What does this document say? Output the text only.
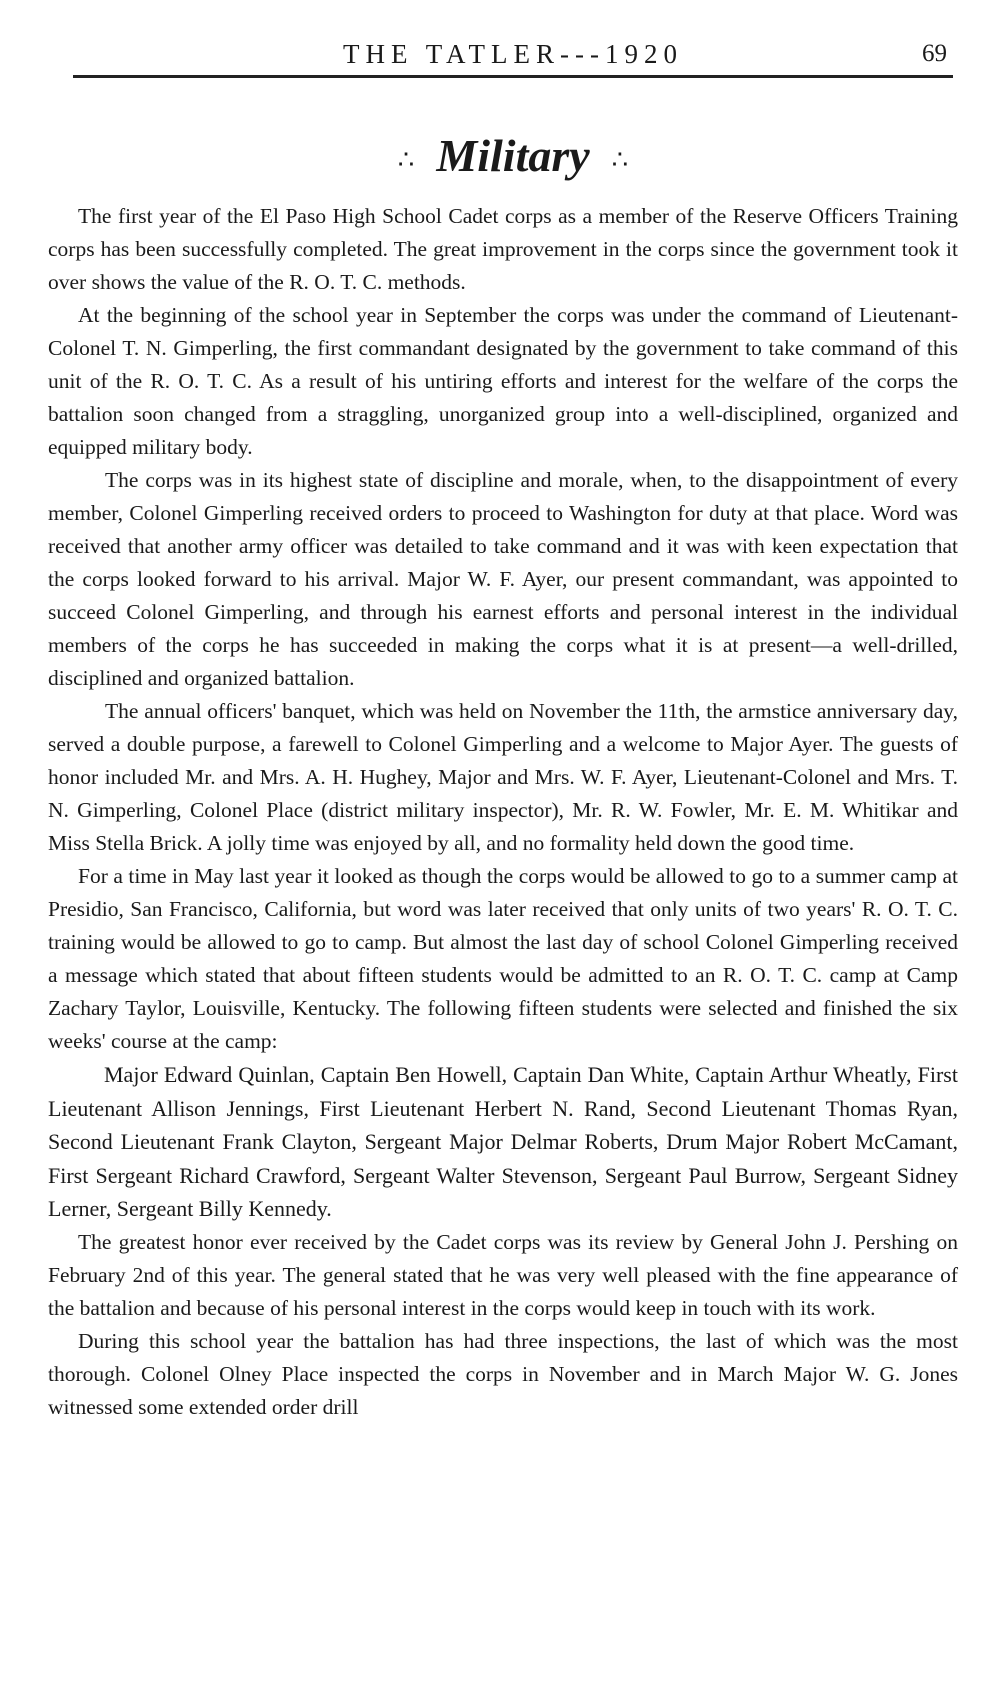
THE TATLER---1920	69
∴ Military ∴

The first year of the El Paso High School Cadet corps as a member of the Reserve Officers Training corps has been successfully completed. The great improvement in the corps since the government took it over shows the value of the R. O. T. C. methods.

At the beginning of the school year in September the corps was under the command of Lieutenant-Colonel T. N. Gimperling, the first commandant designated by the government to take command of this unit of the R. O. T. C. As a result of his untiring efforts and interest for the welfare of the corps the battalion soon changed from a straggling, unorganized group into a well-disciplined, organized and equipped military body.

The corps was in its highest state of discipline and morale, when, to the disappointment of every member, Colonel Gimperling received orders to proceed to Washington for duty at that place. Word was received that another army officer was detailed to take command and it was with keen expectation that the corps looked forward to his arrival. Major W. F. Ayer, our present commandant, was appointed to succeed Colonel Gimperling, and through his earnest efforts and personal interest in the individual members of the corps he has succeeded in making the corps what it is at present—a well-drilled, disciplined and organized battalion.

The annual officers' banquet, which was held on November the 11th, the armstice anniversary day, served a double purpose, a farewell to Colonel Gimperling and a welcome to Major Ayer. The guests of honor included Mr. and Mrs. A. H. Hughey, Major and Mrs. W. F. Ayer, Lieutenant-Colonel and Mrs. T. N. Gimperling, Colonel Place (district military inspector), Mr. R. W. Fowler, Mr. E. M. Whitikar and Miss Stella Brick. A jolly time was enjoyed by all, and no formality held down the good time.

For a time in May last year it looked as though the corps would be allowed to go to a summer camp at Presidio, San Francisco, California, but word was later received that only units of two years' R. O. T. C. training would be allowed to go to camp. But almost the last day of school Colonel Gimperling received a message which stated that about fifteen students would be admitted to an R. O. T. C. camp at Camp Zachary Taylor, Louisville, Kentucky. The following fifteen students were selected and finished the six weeks' course at the camp:

Major Edward Quinlan, Captain Ben Howell, Captain Dan White, Captain Arthur Wheatly, First Lieutenant Allison Jennings, First Lieutenant Herbert N. Rand, Second Lieutenant Thomas Ryan, Second Lieutenant Frank Clayton, Sergeant Major Delmar Roberts, Drum Major Robert McCamant, First Sergeant Richard Crawford, Sergeant Walter Stevenson, Sergeant Paul Burrow, Sergeant Sidney Lerner, Sergeant Billy Kennedy.

The greatest honor ever received by the Cadet corps was its review by General John J. Pershing on February 2nd of this year. The general stated that he was very well pleased with the fine appearance of the battalion and because of his personal interest in the corps would keep in touch with its work.

During this school year the battalion has had three inspections, the last of which was the most thorough. Colonel Olney Place inspected the corps in November and in March Major W. G. Jones witnessed some extended order drill
